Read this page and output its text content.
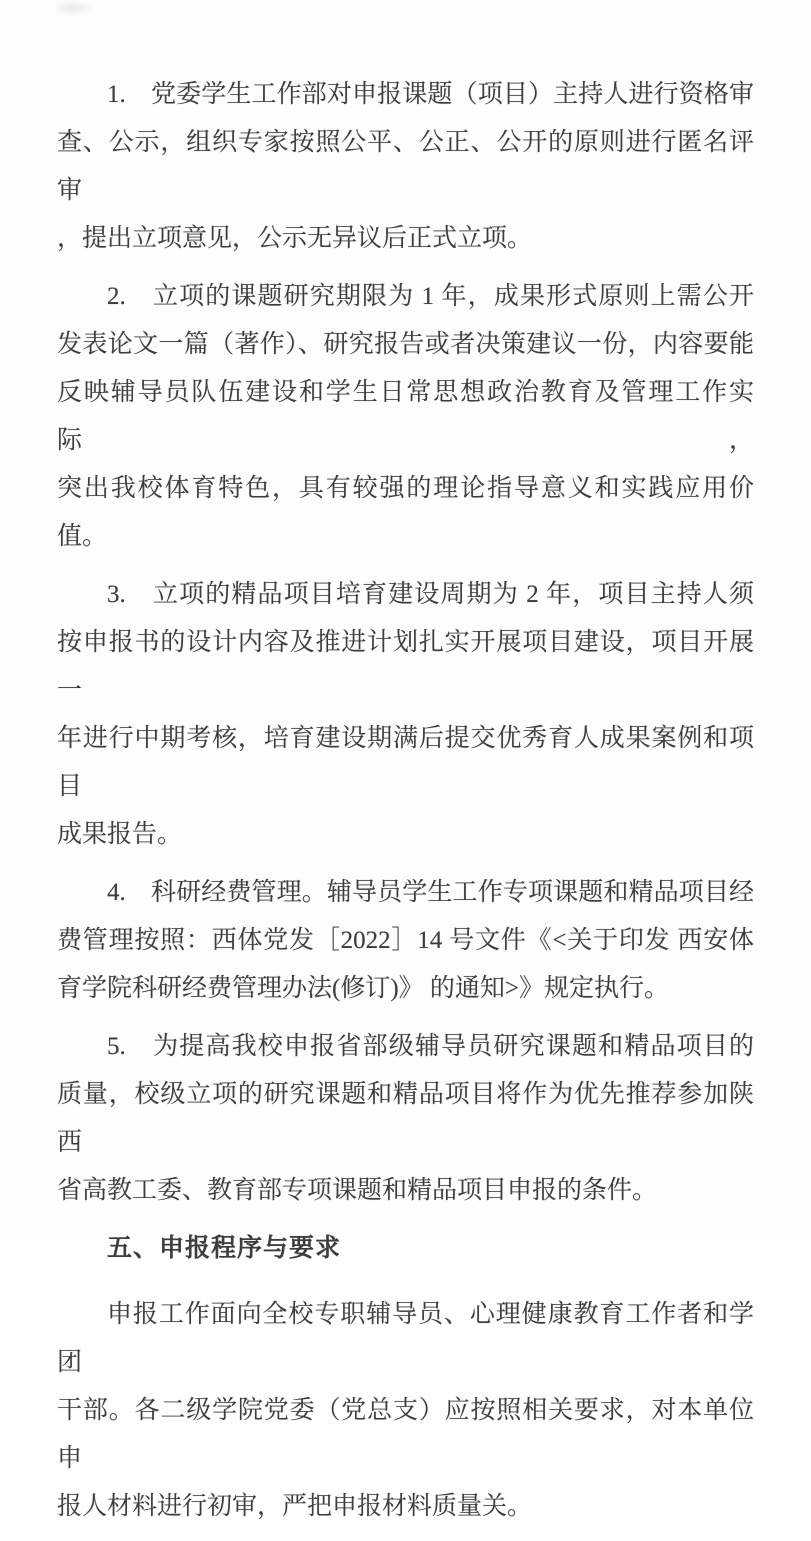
1.　党委学生工作部对申报课题（项目）主持人进行资格审
查、公示，组织专家按照公平、公正、公开的原则进行匿名评审
，提出立项意见，公示无异议后正式立项。
2.　立项的课题研究期限为 1 年，成果形式原则上需公开
发表论文一篇（著作）、研究报告或者决策建议一份，内容要能
反映辅导员队伍建设和学生日常思想政治教育及管理工作实际，
突出我校体育特色，具有较强的理论指导意义和实践应用价值。
3.　立项的精品项目培育建设周期为 2 年，项目主持人须
按申报书的设计内容及推进计划扎实开展项目建设，项目开展一
年进行中期考核，培育建设期满后提交优秀育人成果案例和项目
成果报告。
4.　科研经费管理。辅导员学生工作专项课题和精品项目经
费管理按照：西体党发［2022］14 号文件《<关于印发 西安体
育学院科研经费管理办法(修订)》 的通知>》规定执行。
5.　为提高我校申报省部级辅导员研究课题和精品项目的
质量，校级立项的研究课题和精品项目将作为优先推荐参加陕西
省高教工委、教育部专项课题和精品项目申报的条件。
五、申报程序与要求
申报工作面向全校专职辅导员、心理健康教育工作者和学团
干部。各二级学院党委（党总支）应按照相关要求，对本单位申
报人材料进行初审，严把申报材料质量关。
